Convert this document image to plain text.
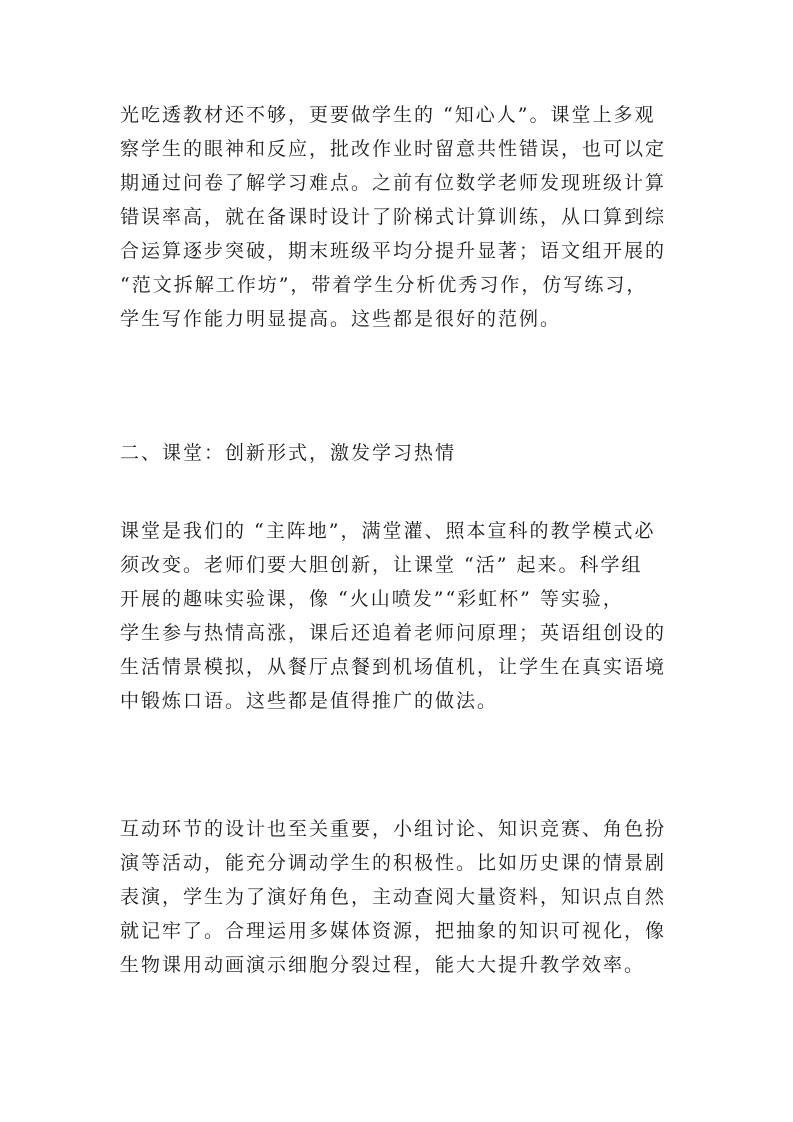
光吃透教材还不够，更要做学生的 “知心人”。课堂上多观
察学生的眼神和反应，批改作业时留意共性错误，也可以定
期通过问卷了解学习难点。之前有位数学老师发现班级计算
错误率高，就在备课时设计了阶梯式计算训练，从口算到综
合运算逐步突破，期末班级平均分提升显著；语文组开展的
“范文拆解工作坊”，带着学生分析优秀习作，仿写练习，
学生写作能力明显提高。这些都是很好的范例。
二、课堂：创新形式，激发学习热情
课堂是我们的 “主阵地”，满堂灌、照本宣科的教学模式必
须改变。老师们要大胆创新，让课堂 “活” 起来。科学组
开展的趣味实验课，像 “火山喷发”“彩虹杯” 等实验，
学生参与热情高涨，课后还追着老师问原理；英语组创设的
生活情景模拟，从餐厅点餐到机场值机，让学生在真实语境
中锻炼口语。这些都是值得推广的做法。
互动环节的设计也至关重要，小组讨论、知识竞赛、角色扮
演等活动，能充分调动学生的积极性。比如历史课的情景剧
表演，学生为了演好角色，主动查阅大量资料，知识点自然
就记牢了。合理运用多媒体资源，把抽象的知识可视化，像
生物课用动画演示细胞分裂过程，能大大提升教学效率。
